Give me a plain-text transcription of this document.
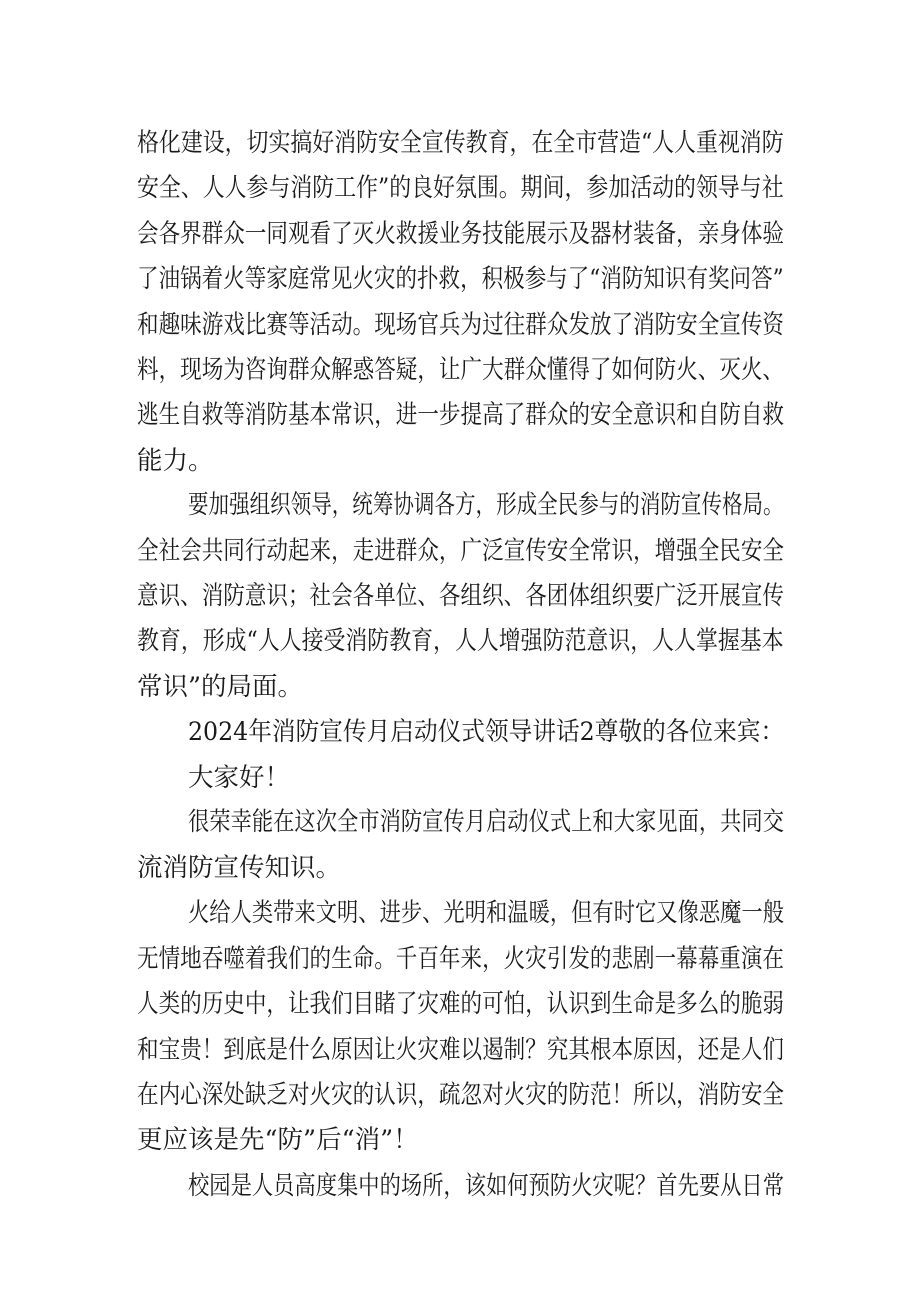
格化建设，切实搞好消防安全宣传教育，在全市营造“人人重视消防
安全、人人参与消防工作”的良好氛围。期间，参加活动的领导与社
会各界群众一同观看了灭火救援业务技能展示及器材装备，亲身体验
了油锅着火等家庭常见火灾的扑救，积极参与了“消防知识有奖问答”
和趣味游戏比赛等活动。现场官兵为过往群众发放了消防安全宣传资
料，现场为咨询群众解惑答疑，让广大群众懂得了如何防火、灭火、
逃生自救等消防基本常识，进一步提高了群众的安全意识和自防自救
能力。
要加强组织领导，统筹协调各方，形成全民参与的消防宣传格局。
全社会共同行动起来，走进群众，广泛宣传安全常识，增强全民安全
意识、消防意识；社会各单位、各组织、各团体组织要广泛开展宣传
教育，形成“人人接受消防教育，人人增强防范意识，人人掌握基本
常识”的局面。
2024年消防宣传月启动仪式领导讲话2尊敬的各位来宾：
大家好！
很荣幸能在这次全市消防宣传月启动仪式上和大家见面，共同交
流消防宣传知识。
火给人类带来文明、进步、光明和温暖，但有时它又像恶魔一般
无情地吞噬着我们的生命。千百年来，火灾引发的悲剧一幕幕重演在
人类的历史中，让我们目睹了灾难的可怕，认识到生命是多么的脆弱
和宝贵！到底是什么原因让火灾难以遏制？究其根本原因，还是人们
在内心深处缺乏对火灾的认识，疏忽对火灾的防范！所以，消防安全
更应该是先“防”后“消”！
校园是人员高度集中的场所，该如何预防火灾呢？首先要从日常
